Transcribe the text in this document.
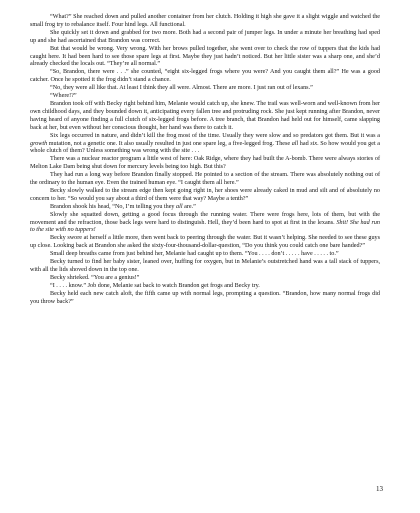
“What?” She reached down and pulled another container from her clutch. Holding it high she gave it a slight wiggle and watched the small frog try to rebalance itself. Four hind legs. All functional.

She quickly set it down and grabbed for two more. Both had a second pair of jumper legs. In under a minute her breathing had sped up and she had ascertained that Brandon was correct.

But that would be wrong. Very wrong. With her brows pulled together, she went over to check the row of tuppers that the kids had caught here. It had been hard to see those spare legs at first. Maybe they just hadn’t noticed. But her little sister was a sharp one, and she’d already checked the locals out. “They’re all normal.”

“So, Brandon, there were . . .” she counted, “eight six-legged frogs where you were? And you caught them all?” He was a good catcher. Once he spotted it the frog didn’t stand a chance.

“No, they were all like that. At least I think they all were. Almost. There are more. I just ran out of lexans.”

“Where!?”

Brandon took off with Becky right behind him, Melanie would catch up, she knew. The trail was well-worn and well-known from her own childhood days, and they bounded down it, anticipating every fallen tree and protruding rock. She just kept running after Brandon, never having heard of anyone finding a full clutch of six-legged frogs before. A tree branch, that Brandon had held out for himself, came slapping back at her, but even without her conscious thought, her hand was there to catch it.

Six legs occurred in nature, and didn’t kill the frog most of the time. Usually they were slow and so predators got them. But it was a growth mutation, not a genetic one. It also usually resulted in just one spare leg, a five-legged frog. These all had six. So how would you get a whole clutch of them? Unless something was wrong with the site . . .

There was a nuclear reactor program a little west of here: Oak Ridge, where they had built the A-bomb. There were always stories of Melton Lake Dam being shut down for mercury levels being too high. But this?

They had run a long way before Brandon finally stopped. He pointed to a section of the stream. There was absolutely nothing out of the ordinary to the human eye. Even the trained human eye. “I caught them all here.”

Becky slowly walked to the stream edge then kept going right in, her shoes were already caked in mud and silt and of absolutely no concern to her. “So would you say about a third of them were that way? Maybe a tenth?”

Brandon shook his head, “No, I’m telling you they all are.”

Slowly she squatted down, getting a good focus through the running water. There were frogs here, lots of them, but with the movement and the refraction, those back legs were hard to distinguish. Hell, they’d been hard to spot at first in the lexans. Shit! She had run to the site with no tuppers!

Becky swore at herself a little more, then went back to peering through the water. But it wasn’t helping. She needed to see these guys up close. Looking back at Brandon she asked the sixty-four-thousand-dollar-question, “Do you think you could catch one bare handed?”

Small deep breaths came from just behind her, Melanie had caught up to them. “You . . . . don’t . . . . . have . . . . . to.”

Becky turned to find her baby sister, leaned over, huffing for oxygen, but in Melanie’s outstretched hand was a tall stack of tuppers, with all the lids shoved down in the top one.

Becky shrieked. “You are a genius!”

“I . . . . know.” Job done, Melanie sat back to watch Brandon get frogs and Becky try.

Becky held each new catch aloft, the fifth came up with normal legs, prompting a question. “Brandon, how many normal frogs did you throw back?”

13
